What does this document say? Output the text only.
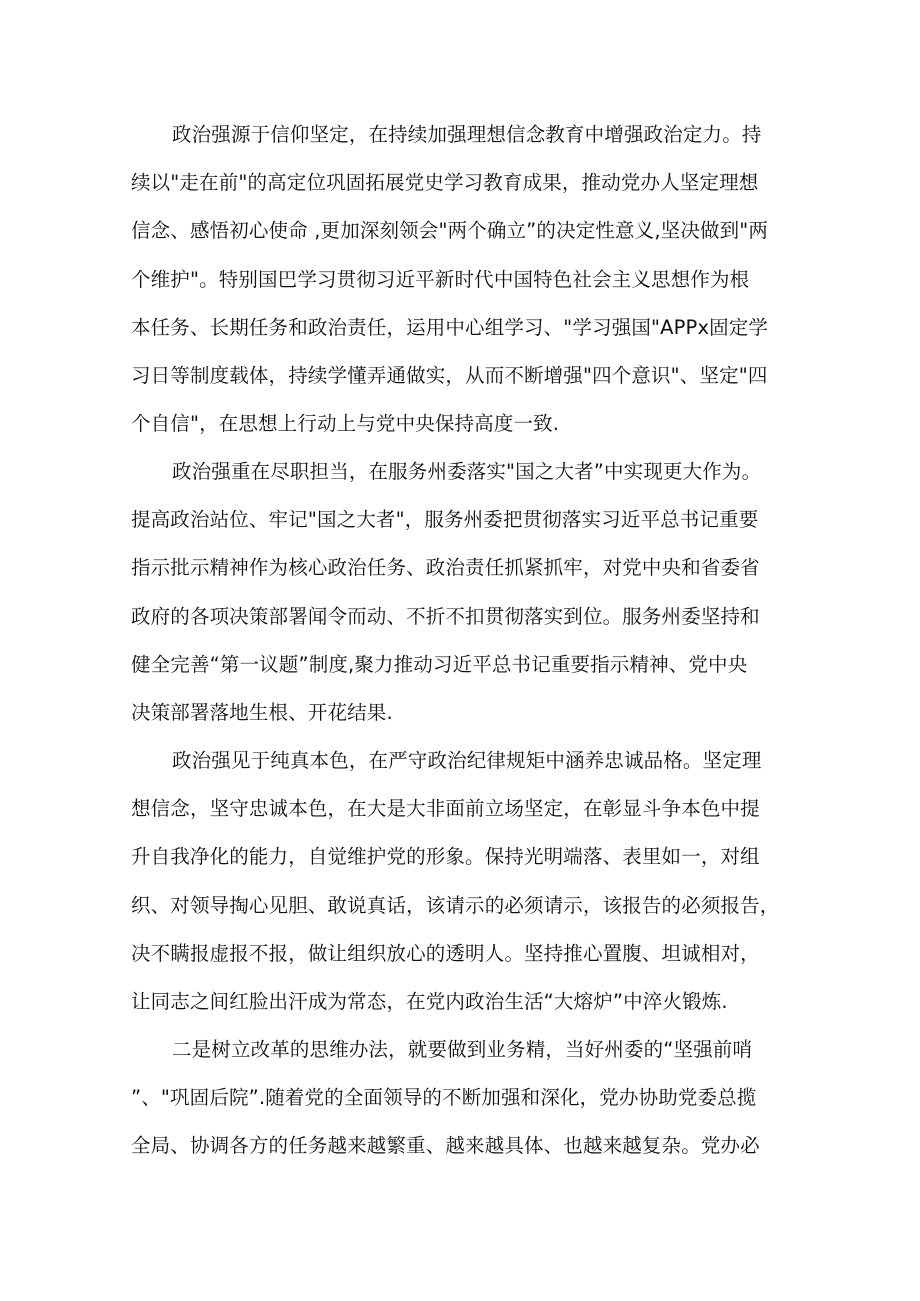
政治强源于信仰坚定，在持续加强理想信念教育中增强政治定力。持
续以"走在前"的高定位巩固拓展党史学习教育成果，推动党办人坚定理想
信念、感悟初心使命 ,更加深刻领会"两个确立”的决定性意义,坚决做到"两
个维护"。特别国巴学习贯彻习近平新时代中国特色社会主义思想作为根
本任务、长期任务和政治责任，运用中心组学习、"学习强国"APPx固定学
习日等制度载体，持续学懂弄通做实，从而不断增强"四个意识"、坚定"四
个自信"，在思想上行动上与党中央保持高度一致.
政治强重在尽职担当，在服务州委落实"国之大者”中实现更大作为。
提高政治站位、牢记"国之大者"，服务州委把贯彻落实习近平总书记重要
指示批示精神作为核心政治任务、政治责任抓紧抓牢，对党中央和省委省
政府的各项决策部署闻令而动、不折不扣贯彻落实到位。服务州委坚持和
健全完善“第一议题”制度,聚力推动习近平总书记重要指示精神、党中央
决策部署落地生根、开花结果.
政治强见于纯真本色，在严守政治纪律规矩中涵养忠诚品格。坚定理
想信念，坚守忠诚本色，在大是大非面前立场坚定，在彰显斗争本色中提
升自我净化的能力，自觉维护党的形象。保持光明端落、表里如一，对组
织、对领导掏心见胆、敢说真话，该请示的必须请示，该报告的必须报告，
决不瞒报虚报不报，做让组织放心的透明人。坚持推心置腹、坦诚相对，
让同志之间红脸出汗成为常态，在党内政治生活“大熔炉”中淬火锻炼.
二是树立改革的思维办法，就要做到业务精，当好州委的“坚强前哨
”、"巩固后院”.随着党的全面领导的不断加强和深化，党办协助党委总揽
全局、协调各方的任务越来越繁重、越来越具体、也越来越复杂。党办必
